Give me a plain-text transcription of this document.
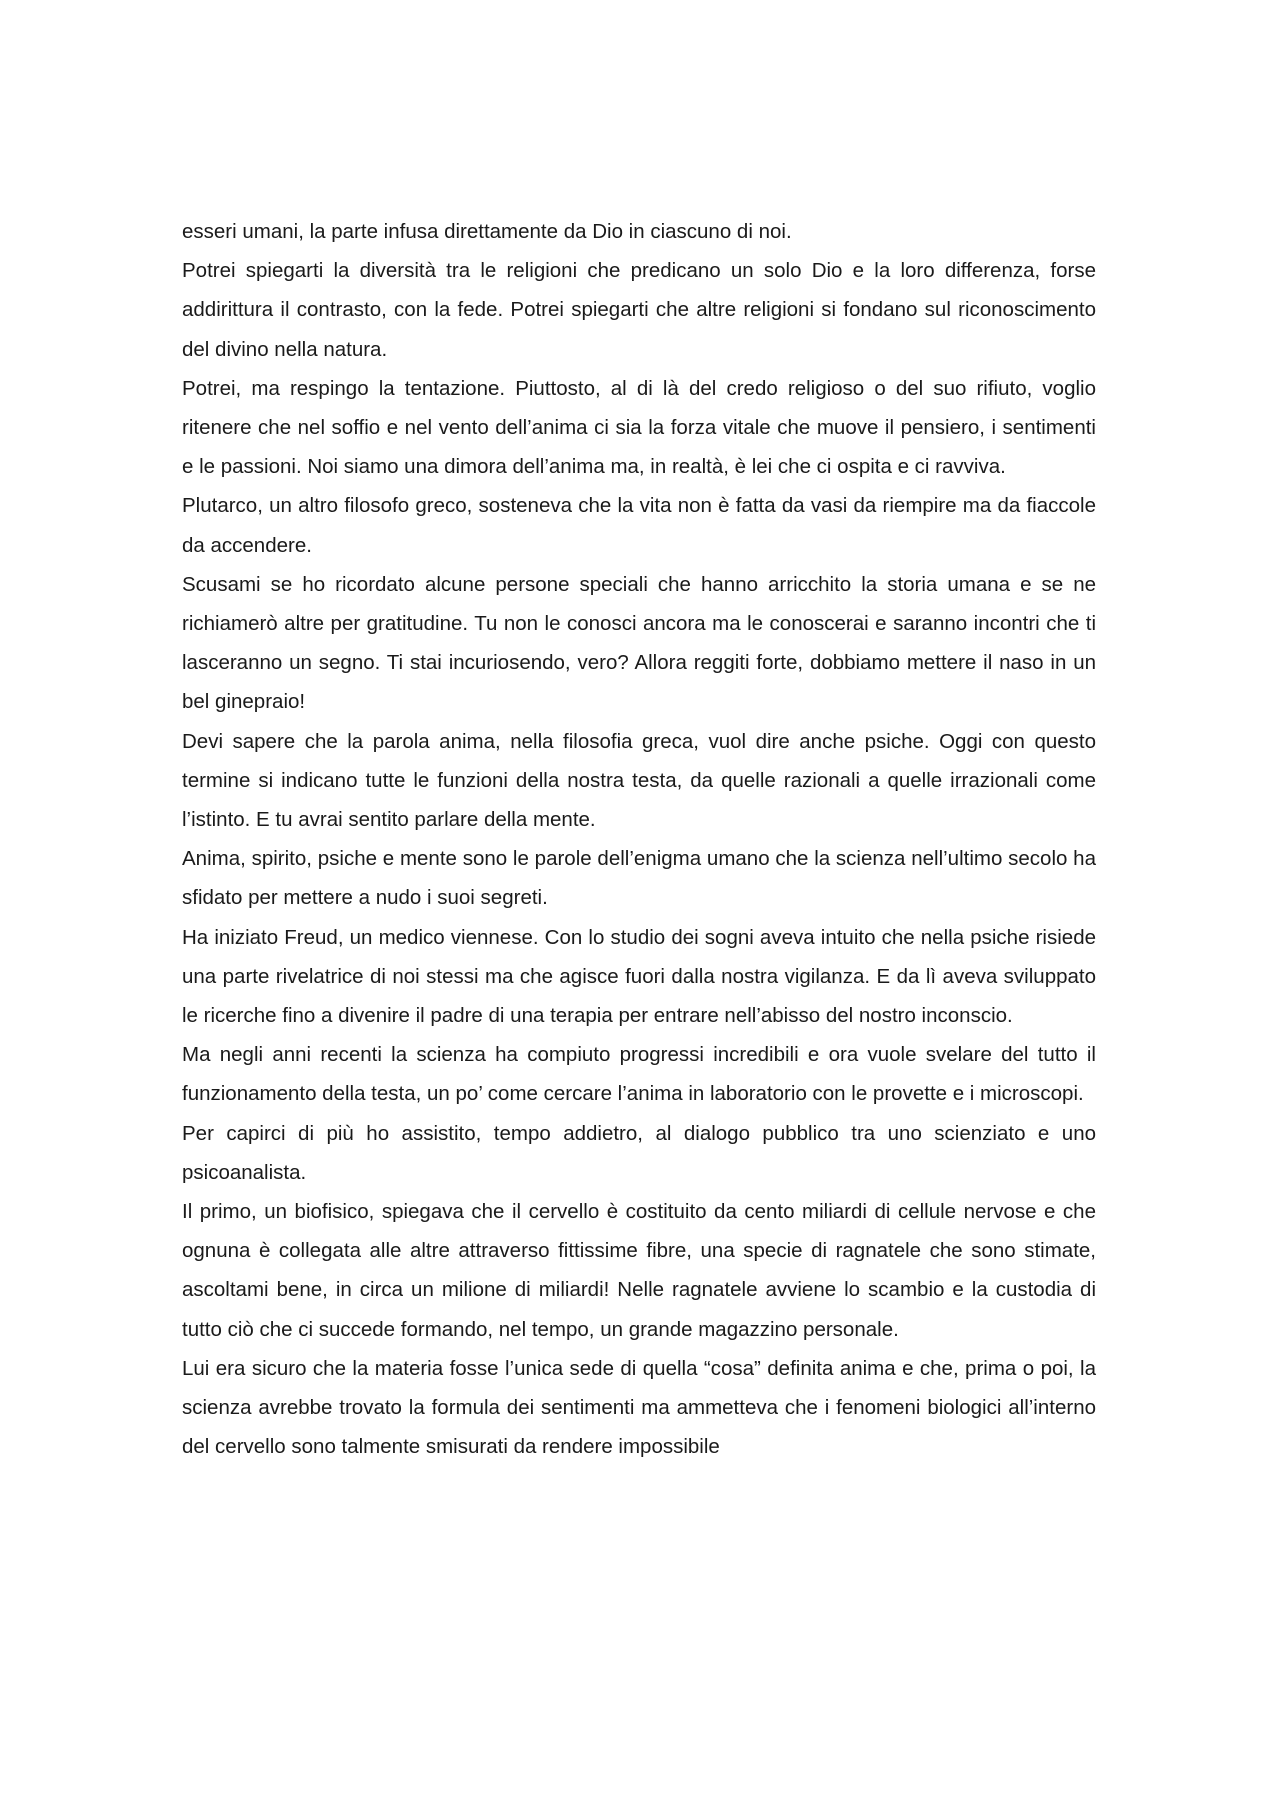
esseri umani, la parte infusa direttamente da Dio in ciascuno di noi.

Potrei spiegarti la diversità tra le religioni che predicano un solo Dio e la loro differenza, forse addirittura il contrasto, con la fede. Potrei spiegarti che altre religioni si fondano sul riconoscimento del divino nella natura.

Potrei, ma respingo la tentazione. Piuttosto, al di là del credo religioso o del suo rifiuto, voglio ritenere che nel soffio e nel vento dell’anima ci sia la forza vitale che muove il pensiero, i sentimenti e le passioni. Noi siamo una dimora dell’anima ma, in realtà, è lei che ci ospita e ci ravviva.

Plutarco, un altro filosofo greco, sosteneva che la vita non è fatta da vasi da riempire ma da fiaccole da accendere.

Scusami se ho ricordato alcune persone speciali che hanno arricchito la storia umana e se ne richiamerò altre per gratitudine. Tu non le conosci ancora ma le conoscerai e saranno incontri che ti lasceranno un segno. Ti stai incuriosendo, vero? Allora reggiti forte, dobbiamo mettere il naso in un bel ginepraio!

Devi sapere che la parola anima, nella filosofia greca, vuol dire anche psiche. Oggi con questo termine si indicano tutte le funzioni della nostra testa, da quelle razionali a quelle irrazionali come l’istinto. E tu avrai sentito parlare della mente.

Anima, spirito, psiche e mente sono le parole dell’enigma umano che la scienza nell’ultimo secolo ha sfidato per mettere a nudo i suoi segreti.

Ha iniziato Freud, un medico viennese. Con lo studio dei sogni aveva intuito che nella psiche risiede una parte rivelatrice di noi stessi ma che agisce fuori dalla nostra vigilanza. E da lì aveva sviluppato le ricerche fino a divenire il padre di una terapia per entrare nell’abisso del nostro inconscio.

Ma negli anni recenti la scienza ha compiuto progressi incredibili e ora vuole svelare del tutto il funzionamento della testa, un po’ come cercare l’anima in laboratorio con le provette e i microscopi.

Per capirci di più ho assistito, tempo addietro, al dialogo pubblico tra uno scienziato e uno psicoanalista.

Il primo, un biofisico, spiegava che il cervello è costituito da cento miliardi di cellule nervose e che ognuna è collegata alle altre attraverso fittissime fibre, una specie di ragnatele che sono stimate, ascoltami bene, in circa un milione di miliardi! Nelle ragnatele avviene lo scambio e la custodia di tutto ciò che ci succede formando, nel tempo, un grande magazzino personale.

Lui era sicuro che la materia fosse l’unica sede di quella “cosa” definita anima e che, prima o poi, la scienza avrebbe trovato la formula dei sentimenti ma ammetteva che i fenomeni biologici all’interno del cervello sono talmente smisurati da rendere impossibile
